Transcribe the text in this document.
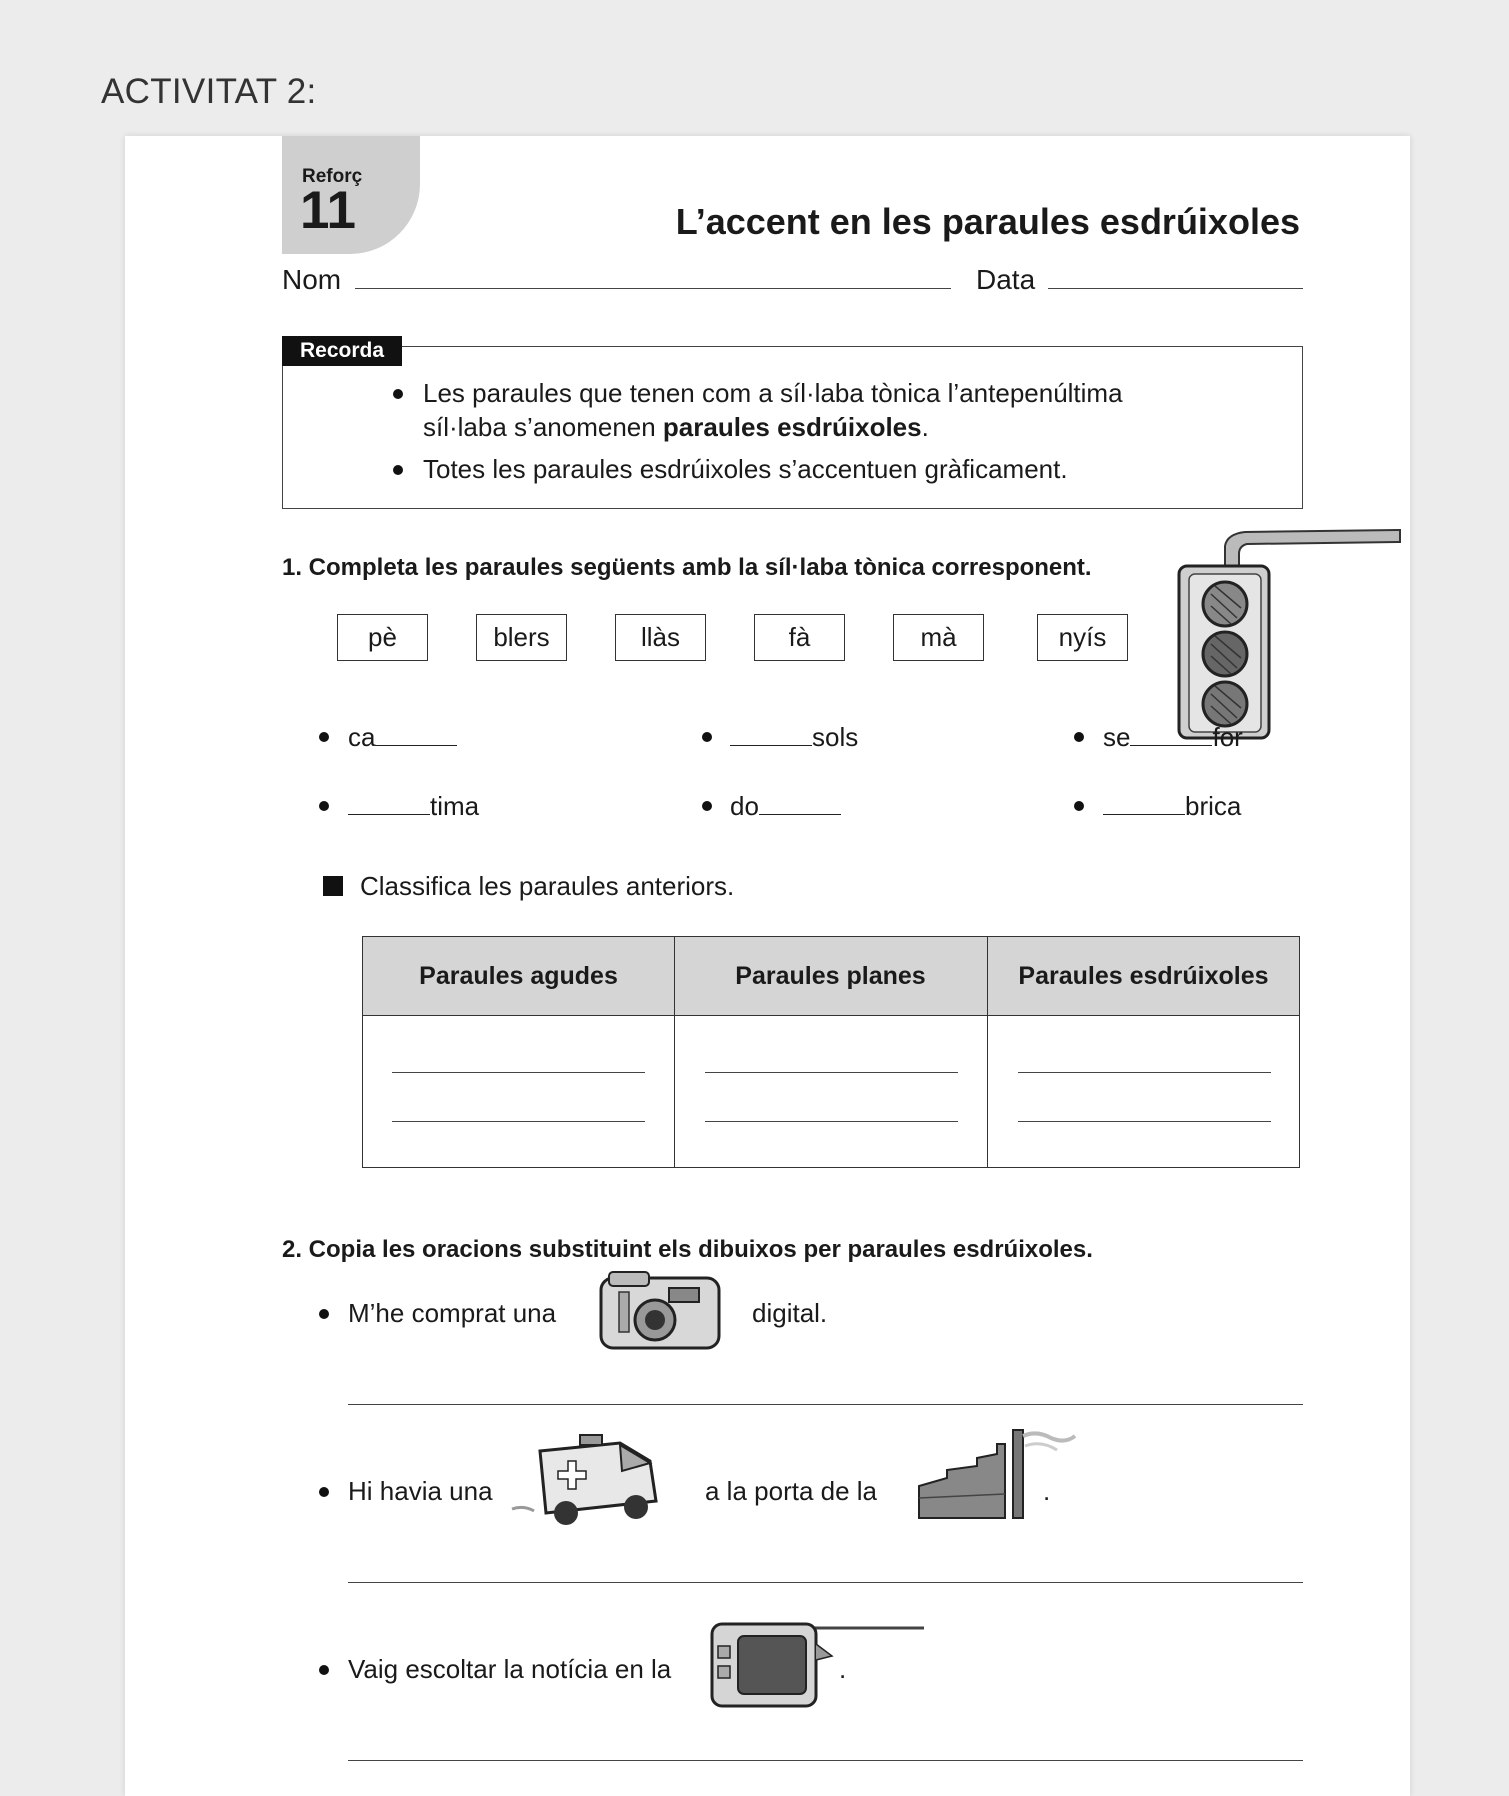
ACTIVITAT 2:
Reforç
11	L’accent en les paraules esdrúixoles
Nom	Data
Recorda
Les paraules que tenen com a síl·laba tònica l’antepenúltima
síl·laba s’anomenen paraules esdrúixoles.
Totes les paraules esdrúixoles s’accentuen gràficament.
1. Completa les paraules següents amb la síl·laba tònica corresponent.
pè	blers	llàs	fà	mà	nyís
ca	sols	se	for
tima	do	brica
Classifica les paraules anteriors.
Paraules agudes	Paraules planes	Paraules esdrúixoles
2. Copia les oracions substituint els dibuixos per paraules esdrúixoles.
M’he comprat una	digital.
Hi havia una	a la porta de la	.
Vaig escoltar la notícia en la	.
